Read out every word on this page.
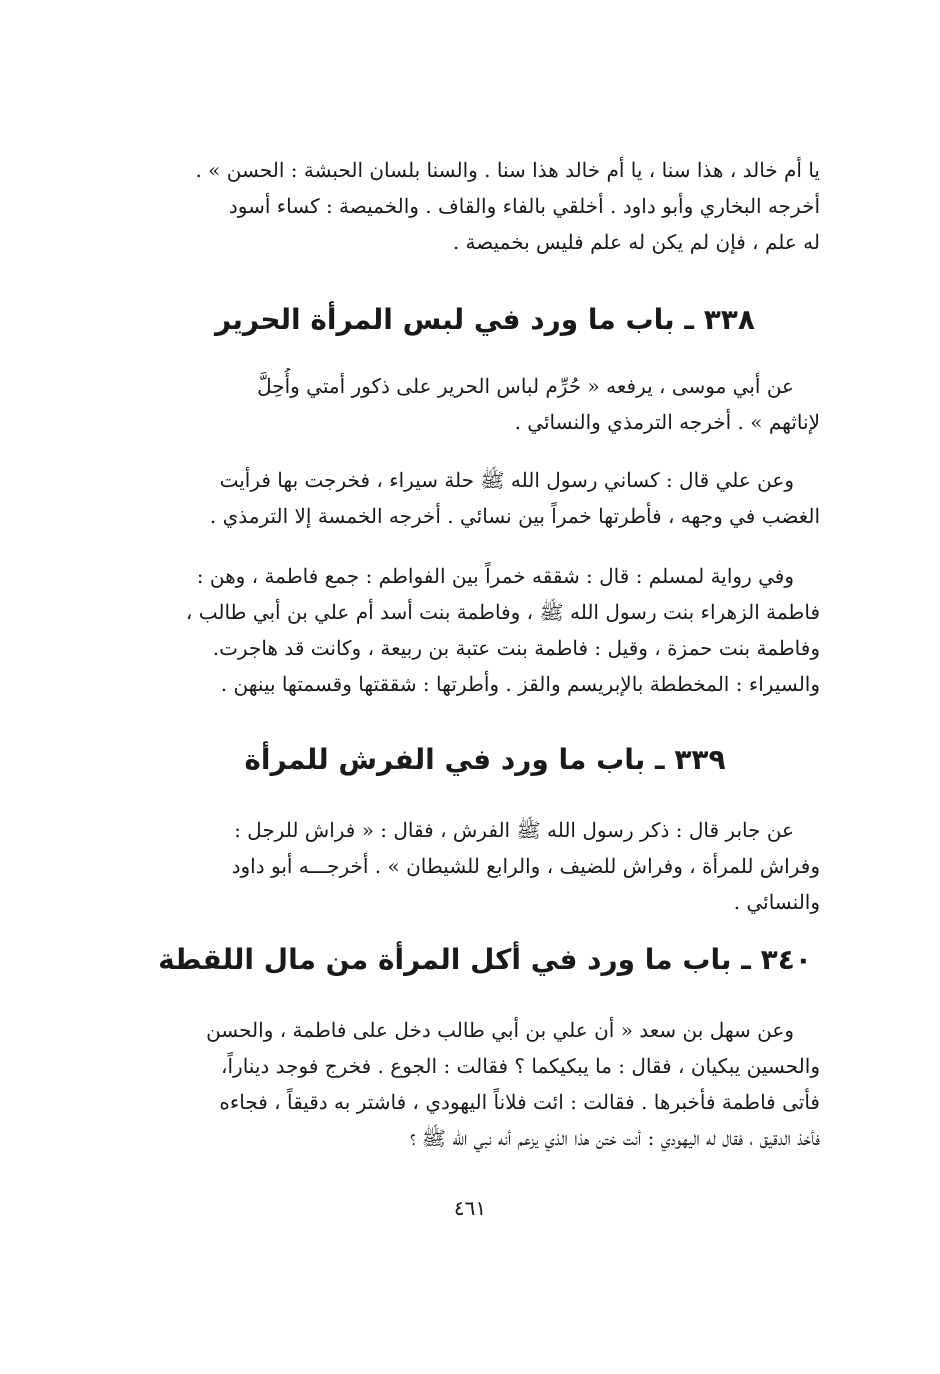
يا أم خالد ، هذا سنا ، يا أم خالد هذا سنا . والسنا بلسان الحبشة : الحسن » .
أخرجه البخاري وأبو داود . أخلقي بالفاء والقاف . والخميصة : كساء أسود
له علم ، فإن لم يكن له علم فليس بخميصة .
٣٣٨ ـ باب ما ورد في لبس المرأة الحرير
عن أبي موسى ، يرفعه « حُرِّم لباس الحرير على ذكور أمتي وأُحِلَّ
لإناثهم » . أخرجه الترمذي والنسائي .
وعن علي قال : كساني رسول الله ﷺ حلة سيراء ، فخرجت بها فرأيت
الغضب في وجهه ، فأطرتها خمراً بين نسائي . أخرجه الخمسة إلا الترمذي .
وفي رواية لمسلم : قال : شققه خمراً بين الفواطم : جمع فاطمة ، وهن :
فاطمة الزهراء بنت رسول الله ﷺ ، وفاطمة بنت أسد أم علي بن أبي طالب ،
وفاطمة بنت حمزة ، وقيل : فاطمة بنت عتبة بن ربيعة ، وكانت قد هاجرت.
والسيراء : المخططة بالإبريسم والقز . وأطرتها : شققتها وقسمتها بينهن .
٣٣٩ ـ باب ما ورد في الفرش للمرأة
عن جابر قال : ذكر رسول الله ﷺ الفرش ، فقال : « فراش للرجل :
وفراش للمرأة ، وفراش للضيف ، والرابع للشيطان » . أخرجـــه أبو داود
والنسائي .
٣٤٠ ـ باب ما ورد في أكل المرأة من مال اللقطة
وعن سهل بن سعد « أن علي بن أبي طالب دخل على فاطمة ، والحسن
والحسين يبكيان ، فقال : ما يبكيكما ؟ فقالت : الجوع . فخرج فوجد ديناراً،
فأتى فاطمة فأخبرها . فقالت : ائت فلاناً اليهودي ، فاشتر به دقيقاً ، فجاءه
فأخذ الدقيق ، فقال له اليهودي : أنت ختن هذا الذي يزعم أنه نبي الله ﷺ ؟
٤٦١
